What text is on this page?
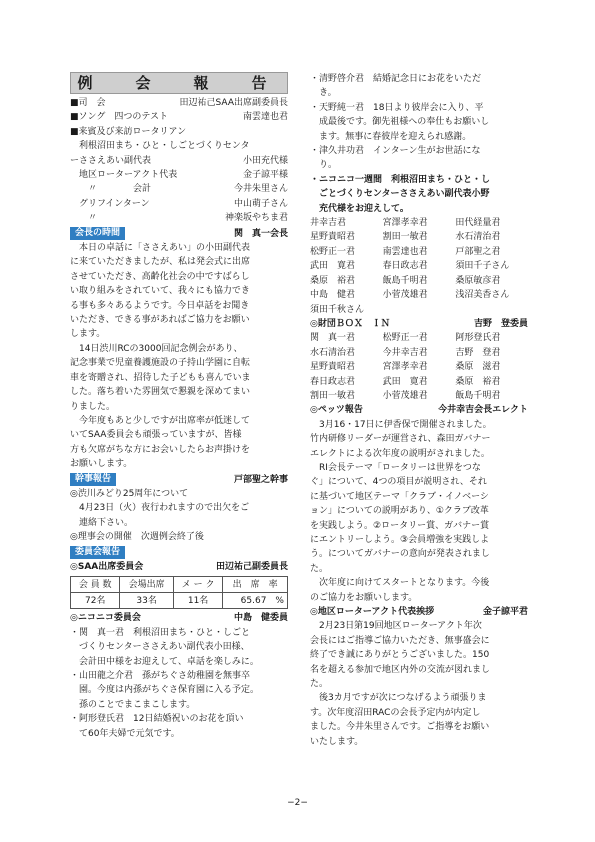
例　会　報　告
■司　会	田辺祐己SAA出席副委員長
■ソング　四つのテスト	南雲達也君
■来賓及び来訪ロータリアン
　利根沼田まち・ひと・しごとづくりセンタ
ーささえあい副代表	小田充代様
　地区ローターアクト代表	金子諒平様
　　〃　　　　会計	今井朱里さん
　グリフインターン	中山萌子さん
　　〃	神楽坂やちま君
会長の時間	関　真一会長
　本日の卓話に「ささえあい」の小田副代表
に来ていただきましたが、私は発会式に出席
させていただき、高齢化社会の中ですばらし
い取り組みをされていて、我々にも協力でき
る事も多々あるようです。今日卓話をお聞き
いただき、できる事があればご協力をお願い
します。
　14日渋川RCの3000回記念例会があり、
記念事業で児童養護施設の子持山学園に自転
車を寄贈され、招待した子どもも喜んでいま
した。落ち着いた雰囲気で懇親を深めてまい
りました。
　今年度もあと少しですが出席率が低迷して
いてSAA委員会も頑張っていますが、皆様
方も欠席がちな方にお会いしたらお声掛けを
お願いします。
幹事報告	戸部聖之幹事
◎渋川みどり25周年について
　4月23日（火）夜行われますので出欠をご
　連絡下さい。
◎理事会の開催　次週例会終了後
委員会報告
◎SAA出席委員会	田辺祐己副委員長
会 員 数	会場出席	メ ー ク	出　席　率
72名	33名	11名	65.67　%
◎ニコニコ委員会	中島　健委員
・関　真一君　利根沼田まち・ひと・しごと
　づくりセンターささえあい副代表小田様、
　会計田中様をお迎えして、卓話を楽しみに。
・山田龍之介君　孫がちぐさ幼稚園を無事卒
　園。今度は内孫がちぐさ保育園に入る予定。
　孫のことでまこまこします。
・阿形登氏君　12日結婚祝いのお花を頂い
　て60年夫婦で元気です。
・清野啓介君　結婚記念日にお花をいただ
　き。
・天野純一君　18日より彼岸会に入り、平
　成最後です。御先祖様への奉仕もお願いし
　ます。無事に春彼岸を迎えられ感謝。
・津久井功君　インターン生がお世話にな
　り。
・ニコニコ一週間　利根沼田まち・ひと・し
　ごとづくりセンターささえあい副代表小野
　充代様をお迎えして。
井幸吉君	宮澤孝幸君	田代経量君
星野貴昭君	割田一敏君	水石清治君
松野正一君	南雲達也君	戸部聖之君
武田　寛君	春日政志君	須田千子さん
桑原　裕君	飯島千明君	桑原敏彦君
中島　健君	小菅茂雄君	浅沼美香さん
須田千秋さん
◎財団ＢＯＸ　ＩＮ	吉野　登委員
関　真一君	松野正一君	阿形登氏君
水石清治君	今井幸吉君	吉野　登君
星野貴昭君	宮澤孝幸君	桑原　滋君
春日政志君	武田　寛君	桑原　裕君
割田一敏君	小菅茂雄君	飯島千明君
◎ペッツ報告	今井幸吉会長エレクト
　3月16・17日に伊香保で開催されました。
竹内研修リーダーが運営され、森田ガバナー
エレクトによる次年度の説明がされました。
　RI会長テーマ「ロータリーは世界をつな
ぐ」について、4つの項目が説明され、それ
に基づいて地区テーマ「クラブ・イノベーシ
ョン」についての説明があり、①クラブ改革
を実践しよう。②ロータリー賞、ガバナー賞
にエントリーしよう。③会員増強を実践しよ
う。についてガバナーの意向が発表されまし
た。
　次年度に向けてスタートとなります。今後
のご協力をお願いします。
◎地区ローターアクト代表挨拶	金子諒平君
　2月23日第19回地区ローターアクト年次
会長にはご指導ご協力いただき、無事盛会に
終了でき誠にありがとうございました。150
名を超える参加で地区内外の交流が図れまし
た。
　後3カ月ですが次につなげるよう頑張りま
す。次年度沼田RACの会長予定内が内定し
ました。今井朱里さんです。ご指導をお願い
いたします。
−2−
